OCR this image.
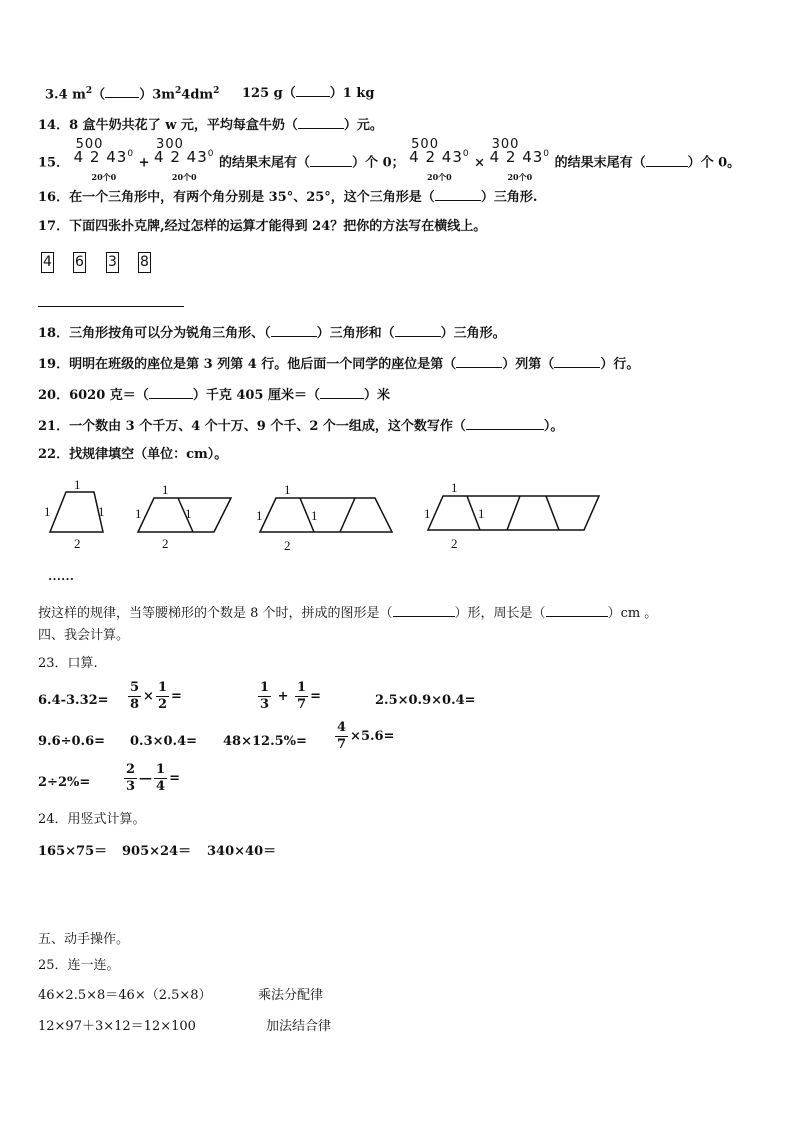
3.4 $m^2$（	）$3m^24dm^2$ 125 g（	）1 kg
14．8 盒牛奶共花了 w 元，平均每盒牛奶（	）元。
15．
500
4 2 $43^0$
20个0
+
300
4 2 $43^0$
20个0
的结果末尾有（	）个 0；
500
4 2 $43^0$
20个0
×
300
4 2 $43^0$
20个0
的结果末尾有（	）个 0。
16．在一个三角形中，有两个角分别是 35°、25°，这个三角形是（	）三角形.
17．下面四张扑克牌,经过怎样的运算才能得到 24？把你的方法写在横线上。
4 6 3 8
18．三角形按角可以分为锐角三角形、（	）三角形和（	）三角形。
19．明明在班级的座位是第 3 列第 4 行。他后面一个同学的座位是第（	）列第（	）行。
20．6020 克＝（	）千克 405 厘米＝（	）米
21．一个数由 3 个千万、4 个十万、9 个千、2 个一组成，这个数写作（	）。
22．找规律填空（单位：cm）。
1
1	1
2
1
1	1
2
1
1	1
2
1
1	1
2
……
按这样的规律，当等腰梯形的个数是 8 个时，拼成的图形是（	）形，周长是（	）cm 。
四、我会计算。
23．口算.
$6.4-3.32= \frac{5}{8} \times \frac{1}{2}$ =	$\frac{1}{3} + \frac{1}{7}$ =	2.5×0.9×0.4=
$9.6\div 0.6= 0.3\times 0.4= 48\times 12.5\%= \frac{4}{7} \times 5.6=$
2÷2%=	$\frac{2}{3}$ — $\frac{1}{4}$ =
24．用竖式计算。
165×75＝ 905×24＝ 340×40＝
五、动手操作。
25．连一连。
46×2.5×8＝46×（2.5×8）	乘法分配律
12×97＋3×12＝12×100	加法结合律
